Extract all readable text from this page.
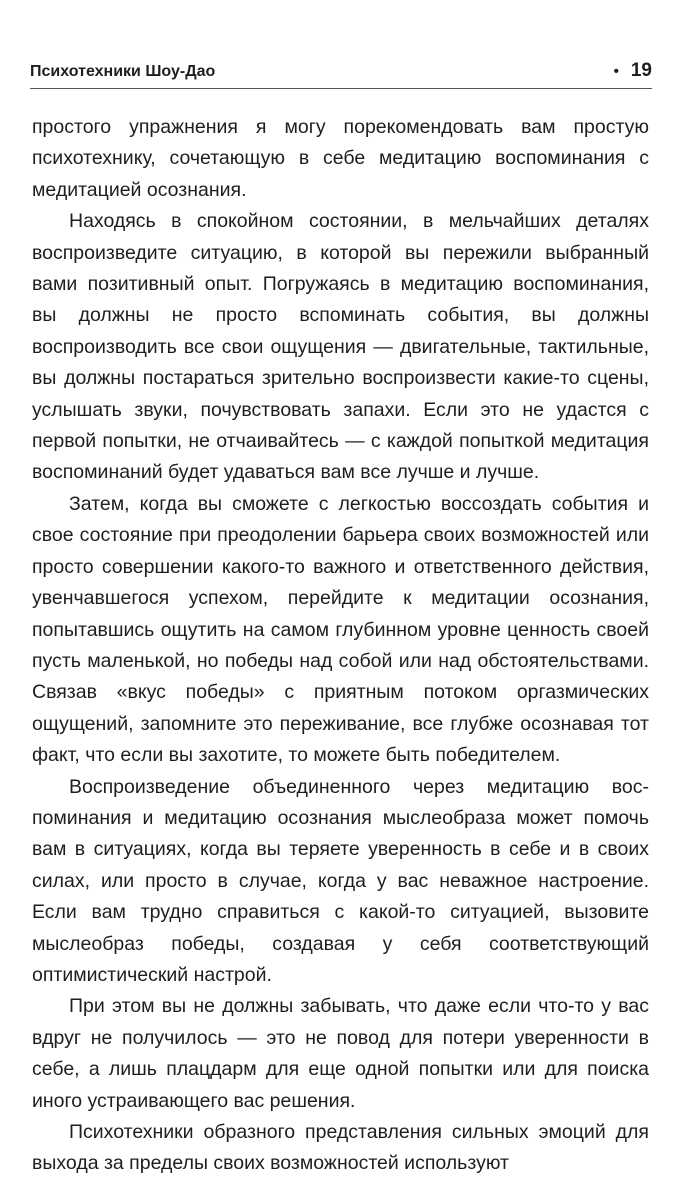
Психотехники Шоу-Дао	• 19

простого упражнения я могу порекомендовать вам простую психотехнику, сочетающую в себе медитацию воспоминания с медитацией осознания.

Находясь в спокойном состоянии, в мельчайших деталях воспроизведите ситуацию, в которой вы пережили выбранный вами позитивный опыт. Погружаясь в медитацию воспоминания, вы должны не просто вспоминать события, вы должны воспроизводить все свои ощущения — двигательные, тактильные, вы должны постараться зрительно воспроизвести какие-то сцены, услышать звуки, почувствовать запахи. Если это не удастся с первой попытки, не отчаивайтесь — с каждой попыткой медитация воспоминаний будет удаваться вам все лучше и лучше.

Затем, когда вы сможете с легкостью воссоздать события и свое состояние при преодолении барьера своих возможностей или просто совершении какого-то важного и ответственного действия, увенчавшегося успехом, перейдите к медитации осознания, попытавшись ощутить на самом глубинном уровне ценность своей пусть маленькой, но победы над собой или над обстоятельствами. Связав «вкус победы» с приятным потоком оргазмических ощущений, запомните это переживание, все глубже осознавая тот факт, что если вы захотите, то можете быть победителем.

Воспроизведение объединенного через медитацию воспоминания и медитацию осознания мыслеобраза может помочь вам в ситуациях, когда вы теряете уверенность в себе и в своих силах, или просто в случае, когда у вас неважное настроение. Если вам трудно справиться с какой-то ситуацией, вызовите мыслеобраз победы, создавая у себя соответствующий оптимистический настрой.

При этом вы не должны забывать, что даже если что-то у вас вдруг не получилось — это не повод для потери уверенности в себе, а лишь плацдарм для еще одной попытки или для поиска иного устраивающего вас решения.

Психотехники образного представления сильных эмоций для выхода за пределы своих возможностей используют
